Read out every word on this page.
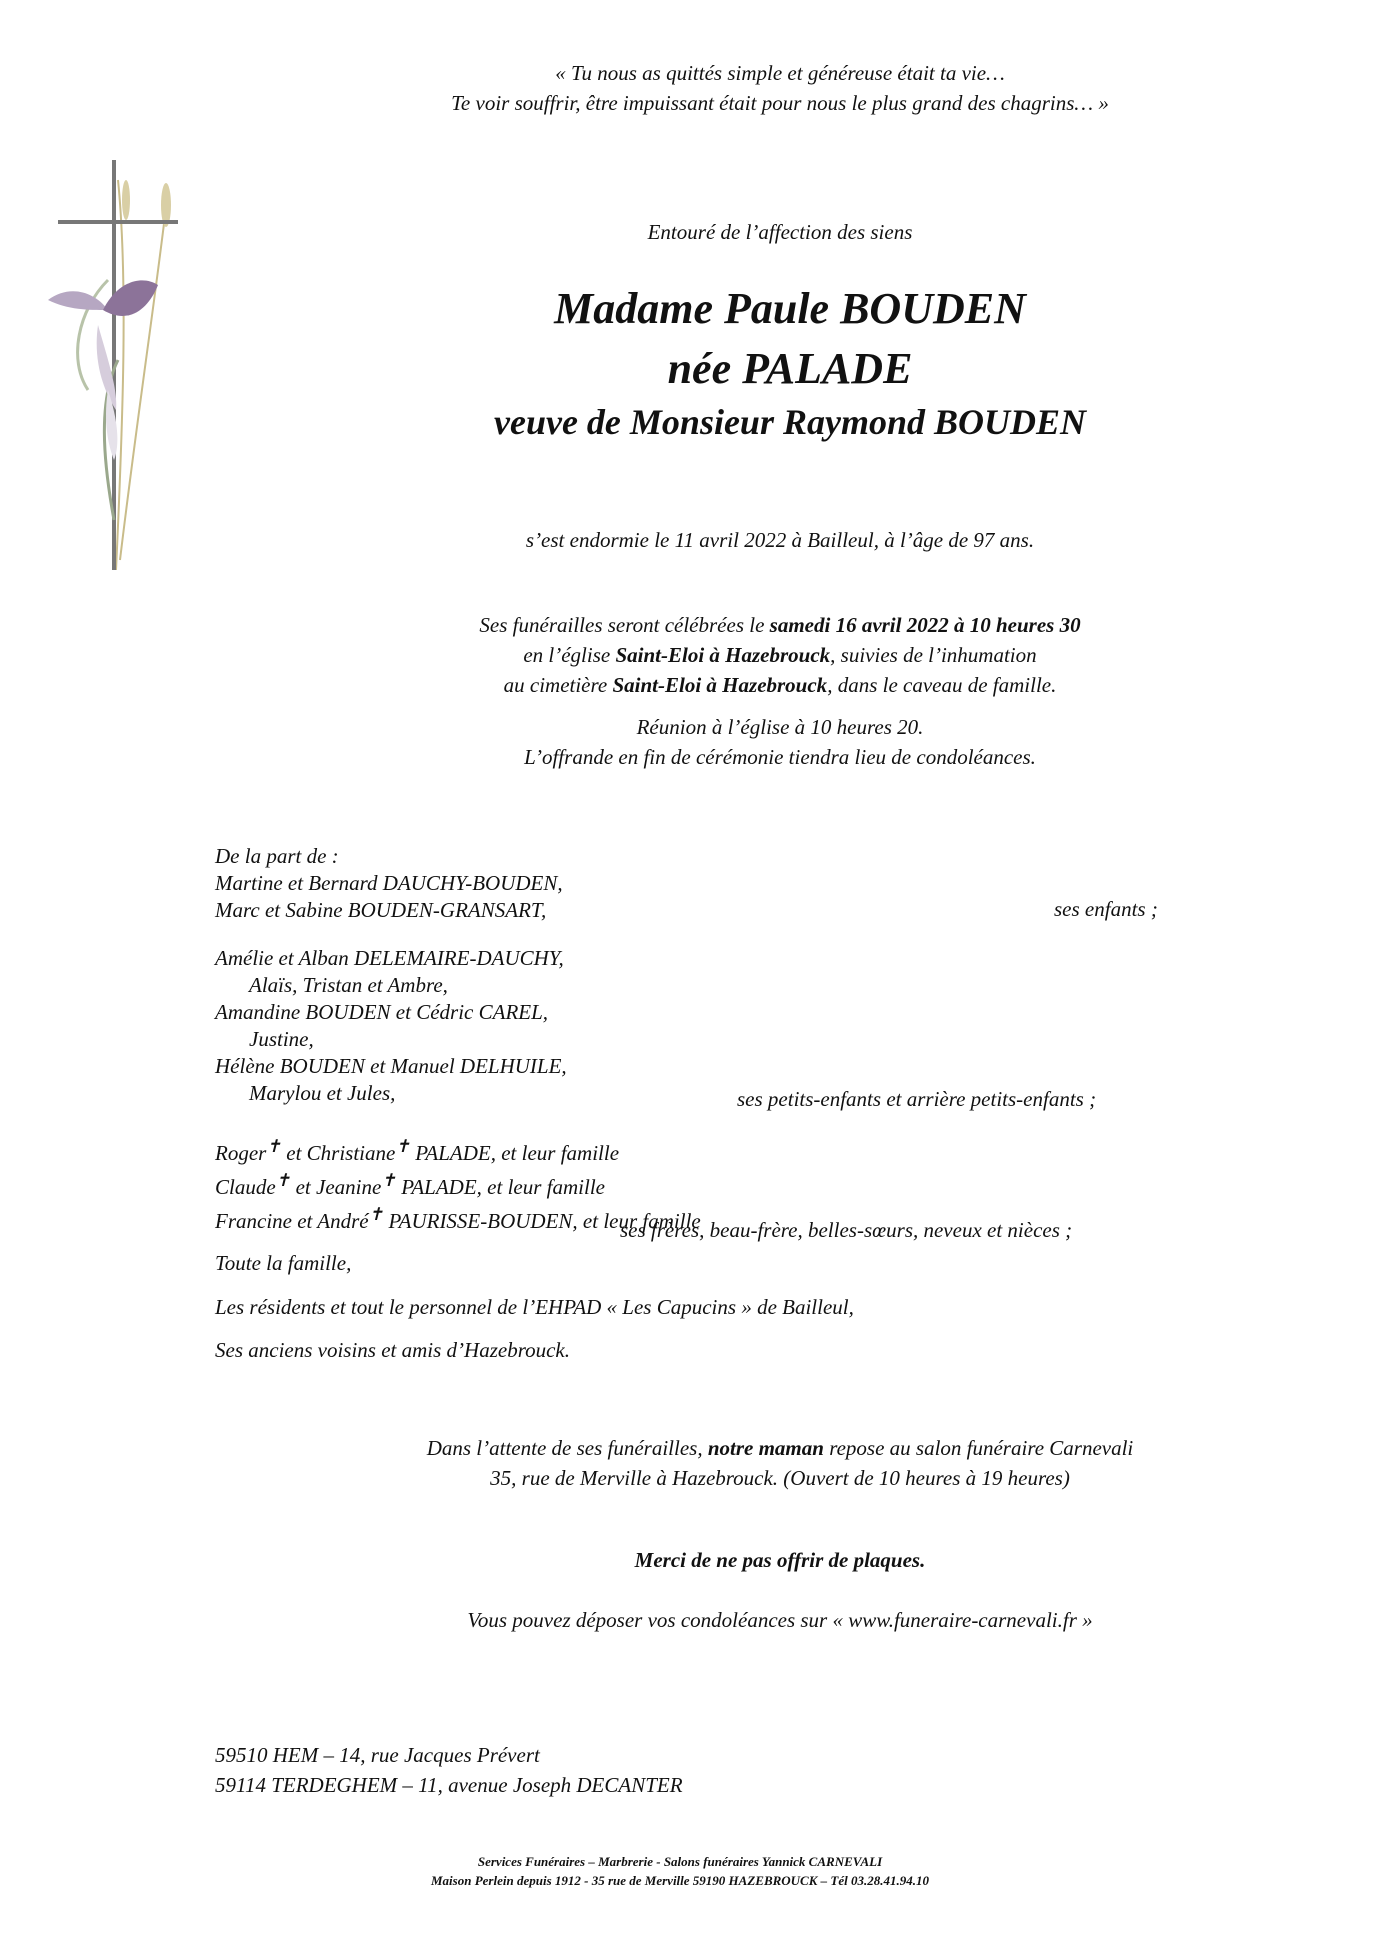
« Tu nous as quittés simple et généreuse était ta vie…
Te voir souffrir, être impuissant était pour nous le plus grand des chagrins… »
Entouré de l’affection des siens
Madame Paule BOUDEN
née PALADE
veuve de Monsieur Raymond BOUDEN
s’est endormie le 11 avril 2022 à Bailleul, à l’âge de 97 ans.
Ses funérailles seront célébrées le samedi 16 avril 2022 à 10 heures 30
en l’église Saint-Eloi à Hazebrouck, suivies de l’inhumation
au cimetière Saint-Eloi à Hazebrouck, dans le caveau de famille.
Réunion à l’église à 10 heures 20.
L’offrande en fin de cérémonie tiendra lieu de condoléances.
De la part de :
Martine et Bernard DAUCHY-BOUDEN,
Marc et Sabine BOUDEN-GRANSART,	ses enfants ;
Amélie et Alban DELEMAIRE-DAUCHY,
Alaïs, Tristan et Ambre,
Amandine BOUDEN et Cédric CAREL,
Justine,
Hélène BOUDEN et Manuel DELHUILE,
Marylou et Jules,	ses petits-enfants et arrière petits-enfants ;
Roger✝ et Christiane✝ PALADE, et leur famille
Claude✝ et Jeanine✝ PALADE, et leur famille
Francine et André✝ PAURISSE-BOUDEN, et leur famille
ses frères, beau-frère, belles-sœurs, neveux et nièces ;
Toute la famille,
Les résidents et tout le personnel de l’EHPAD « Les Capucins » de Bailleul,
Ses anciens voisins et amis d’Hazebrouck.
Dans l’attente de ses funérailles, notre maman repose au salon funéraire Carnevali
35, rue de Merville à Hazebrouck. (Ouvert de 10 heures à 19 heures)
Merci de ne pas offrir de plaques.
Vous pouvez déposer vos condoléances sur « www.funeraire-carnevali.fr »
59510 HEM – 14, rue Jacques Prévert
59114 TERDEGHEM – 11, avenue Joseph DECANTER
Services Funéraires – Marbrerie - Salons funéraires Yannick CARNEVALI
Maison Perlein depuis 1912 - 35 rue de Merville 59190 HAZEBROUCK – Tél 03.28.41.94.10
